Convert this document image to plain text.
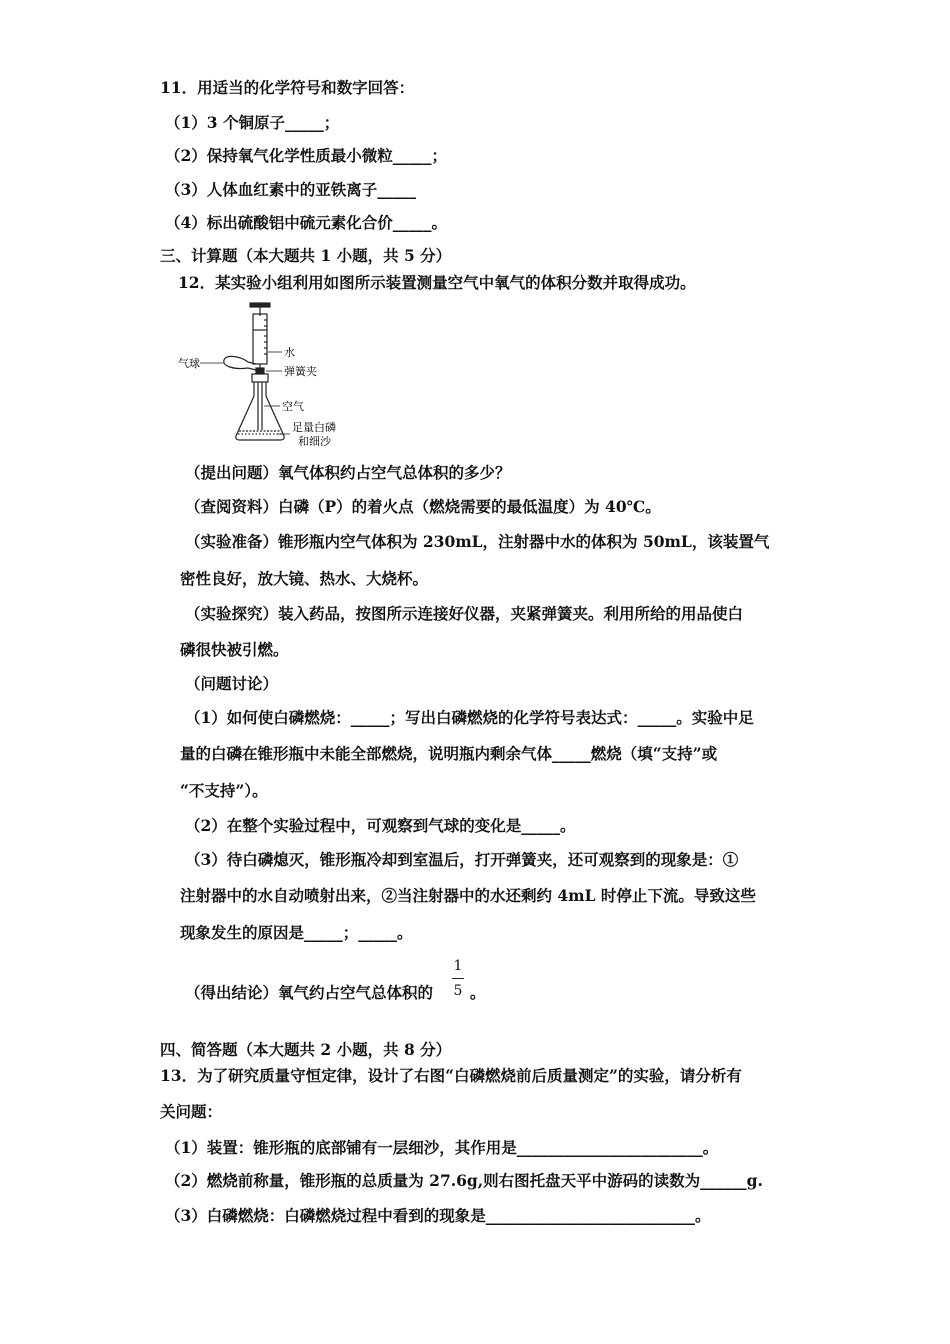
11．用适当的化学符号和数字回答：
（1）3 个铜原子_____；
（2）保持氧气化学性质最小微粒_____；
（3）人体血红素中的亚铁离子_____
（4）标出硫酸铝中硫元素化合价_____。
三、计算题（本大题共 1 小题，共 5 分）
12．某实验小组利用如图所示装置测量空气中氧气的体积分数并取得成功。
气球
水
弹簧夹
空气
足量白磷
和细沙
（提出问题）氧气体积约占空气总体积的多少？
（查阅资料）白磷（P）的着火点（燃烧需要的最低温度）为 40℃。
（实验准备）锥形瓶内空气体积为 230mL，注射器中水的体积为 50mL，该装置气
密性良好，放大镜、热水、大烧杯。
（实验探究）装入药品，按图所示连接好仪器，夹紧弹簧夹。利用所给的用品使白
磷很快被引燃。
（问题讨论）
（1）如何使白磷燃烧：_____；写出白磷燃烧的化学符号表达式：_____。实验中足
量的白磷在锥形瓶中未能全部燃烧，说明瓶内剩余气体_____燃烧（填“支持”或
“不支持”）。
（2）在整个实验过程中，可观察到气球的变化是_____。
（3）待白磷熄灭，锥形瓶冷却到室温后，打开弹簧夹，还可观察到的现象是：①
注射器中的水自动喷射出来，②当注射器中的水还剩约 4mL 时停止下流。导致这些
现象发生的原因是_____；_____。
（得出结论）氧气约占空气总体积的
1
5 。
四、简答题（本大题共 2 小题，共 8 分）
13．为了研究质量守恒定律，设计了右图“白磷燃烧前后质量测定”的实验，请分析有
关问题：
（1）装置：锥形瓶的底部铺有一层细沙，其作用是________________________。
（2）燃烧前称量，锥形瓶的总质量为 27.6g,则右图托盘天平中游码的读数为______g.
（3）白磷燃烧：白磷燃烧过程中看到的现象是___________________________。
